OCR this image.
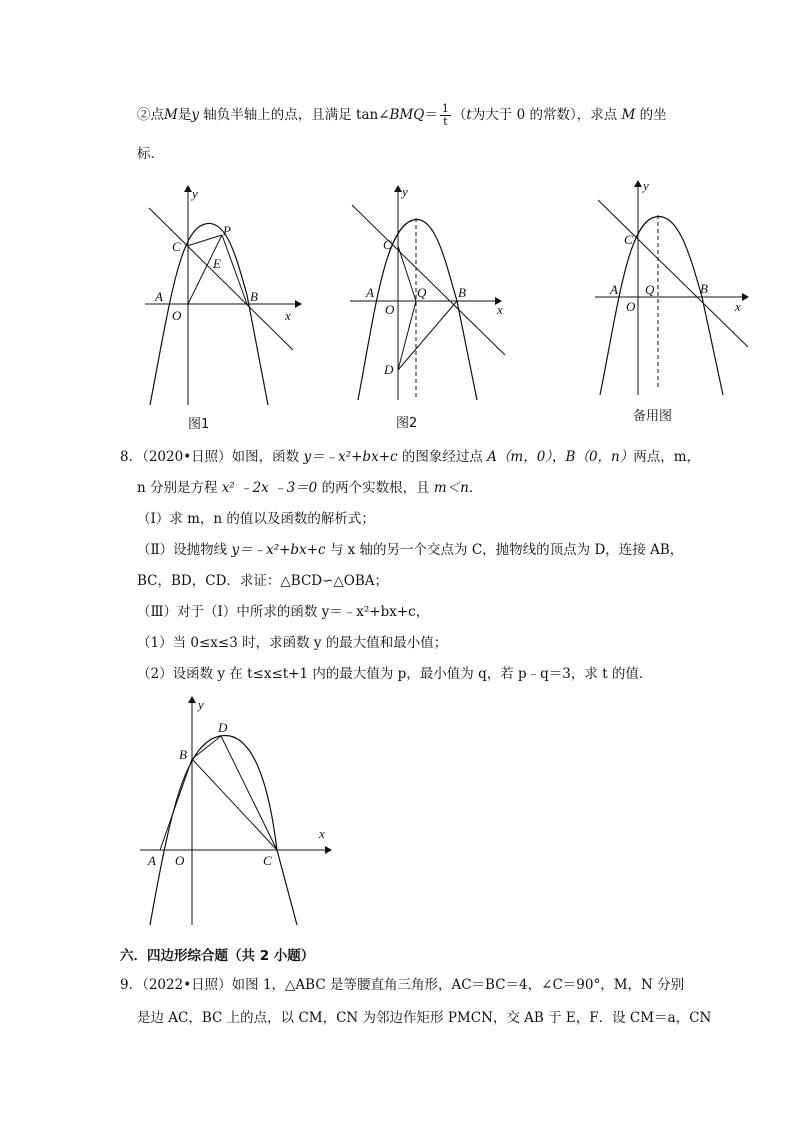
②点M是y 轴负半轴上的点，且满足 tan∠BMQ＝ $\frac{1}{t} (t$为大于 0 的常数），求点 M 的坐
标．
y
x
C
P
E
A	B
O
图1
y
x
C
A	Q B
O
D
图2
y
x
C
A Q	B
O
备用图
8．（2020•日照）如图，函数 y＝﹣x²+bx+c 的图象经过点 A（m，0），B（0，n）两点，m，
n 分别是方程 x² ﹣2x ﹣3＝0 的两个实数根，且 m＜n．
（Ⅰ）求 m，n 的值以及函数的解析式；
（Ⅱ）设抛物线 y＝﹣x²+bx+c 与 x 轴的另一个交点为 C，抛物线的顶点为 D，连接 AB，
BC，BD，CD．求证：△BCD∽△OBA；
（Ⅲ）对于（Ⅰ）中所求的函数 y＝﹣x²+bx+c，
（1）当 0≤x≤3 时，求函数 y 的最大值和最小值；
（2）设函数 y 在 t≤x≤t+1 内的最大值为 p，最小值为 q，若 p﹣q＝3，求 t 的值．
y
x
D
B
A O	C
六．四边形综合题（共 2 小题）
9．（2022•日照）如图 1，△ABC 是等腰直角三角形，AC＝BC＝4，∠C＝90°，M，N 分别
是边 AC，BC 上的点，以 CM，CN 为邻边作矩形 PMCN，交 AB 于 E，F．设 CM＝a，CN
